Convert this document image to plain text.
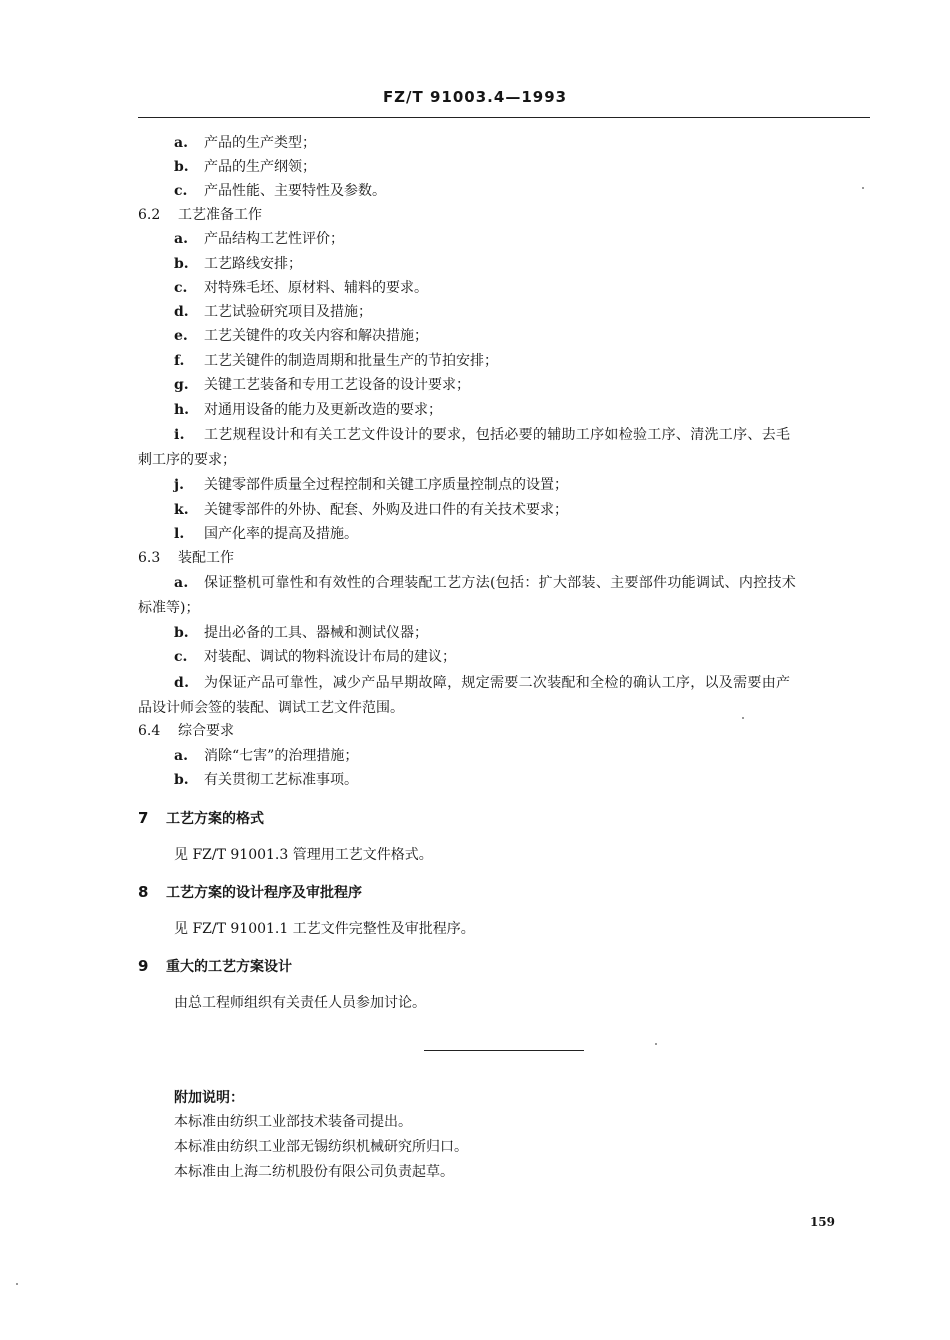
FZ/T 91003.4—1993
a. 产品的生产类型；
b. 产品的生产纲领；
c. 产品性能、主要特性及参数。
6.2 工艺准备工作
a. 产品结构工艺性评价；
b. 工艺路线安排；
c. 对特殊毛坯、原材料、辅料的要求。
d. 工艺试验研究项目及措施；
e. 工艺关键件的攻关内容和解决措施；
f. 工艺关键件的制造周期和批量生产的节拍安排；
g. 关键工艺装备和专用工艺设备的设计要求；
h. 对通用设备的能力及更新改造的要求；
i. 工艺规程设计和有关工艺文件设计的要求，包括必要的辅助工序如检验工序、清洗工序、去毛
刺工序的要求；
j. 关键零部件质量全过程控制和关键工序质量控制点的设置；
k. 关键零部件的外协、配套、外购及进口件的有关技术要求；
l. 国产化率的提高及措施。
6.3 装配工作
a. 保证整机可靠性和有效性的合理装配工艺方法(包括：扩大部装、主要部件功能调试、内控技术
标准等)；
b. 提出必备的工具、器械和测试仪器；
c. 对装配、调试的物料流设计布局的建议；
d. 为保证产品可靠性，减少产品早期故障，规定需要二次装配和全检的确认工序，以及需要由产
品设计师会签的装配、调试工艺文件范围。
6.4 综合要求
a. 消除“七害”的治理措施；
b. 有关贯彻工艺标准事项。
7 工艺方案的格式
见 FZ/T 91001.3 管理用工艺文件格式。
8 工艺方案的设计程序及审批程序
见 FZ/T 91001.1 工艺文件完整性及审批程序。
9 重大的工艺方案设计
由总工程师组织有关责任人员参加讨论。
附加说明：
本标准由纺织工业部技术装备司提出。
本标准由纺织工业部无锡纺织机械研究所归口。
本标准由上海二纺机股份有限公司负责起草。
159
